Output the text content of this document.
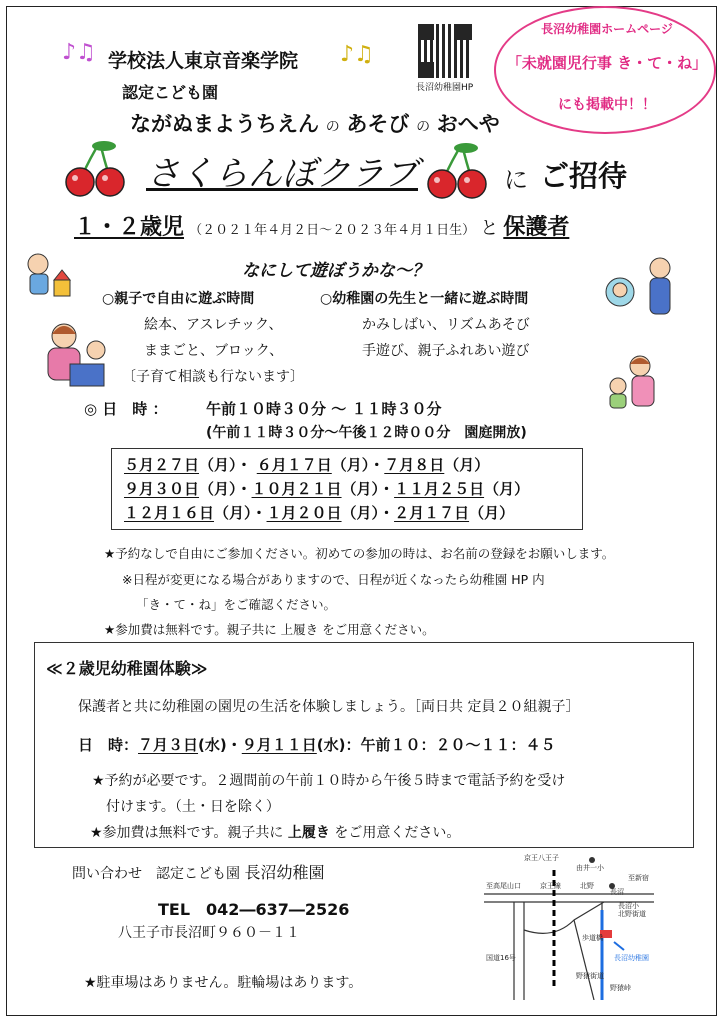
♪♫	♪♫
学校法人東京音楽学院
認定こども園
ながぬまようちえん の あそび の おへや
長沼幼稚園HP
長沼幼稚園ホームページ
「未就園児行事 き・て・ね」
にも掲載中！！
さくらんぼクラブ	に ご招待
１・２歳児 （２０２１年４月２日～２０２３年４月１日生） と 保護者
なにして遊ぼうかな～？
○親子で自由に遊ぶ時間	○幼稚園の先生と一緒に遊ぶ時間
絵本、アスレチック、	かみしばい、リズムあそび
ままごと、ブロック、	手遊び、親子ふれあい遊び
〔子育て相談も行ないます〕
◎ 日　時 ：	午前１０時３０分 ～ １１時３０分
(午前１１時３０分～午後１２時００分　園庭開放)
５月２７日（月）・ ６月１７日（月）・７月８日（月）
９月３０日（月）・１０月２１日（月）・１１月２５日（月）
１２月１６日（月）・１月２０日（月）・２月１７日（月）
★予約なしで自由にご参加ください。初めての参加の時は、お名前の登録をお願いします。
※日程が変更になる場合がありますので、日程が近くなったら幼稚園 HP 内
「き・て・ね」をご確認ください。
★参加費は無料です。親子共に 上履き をご用意ください。
≪２歳児幼稚園体験≫
保護者と共に幼稚園の園児の生活を体験しましょう。［両日共 定員２０組親子］
日　時：７月３日(水)・９月１１日(水)：午前１０：２０～１１：４５
★予約が必要です。２週間前の午前１０時から午後５時まで電話予約を受け
付けます。（土・日を除く）
★参加費は無料です。親子共に 上履き をご用意ください。
問い合わせ　認定こども園 長沼幼稚園
TEL　042―637―2526
八王子市長沼町９６０－１１
★駐車場はありません。駐輪場はあります。
京王八王子
由井一小
至高尾山口	京王線
至新宿
北野
長沼
長沼小
北野街道
歩道橋
長沼幼稚園
野猿峠
野猿街道
国道16号
